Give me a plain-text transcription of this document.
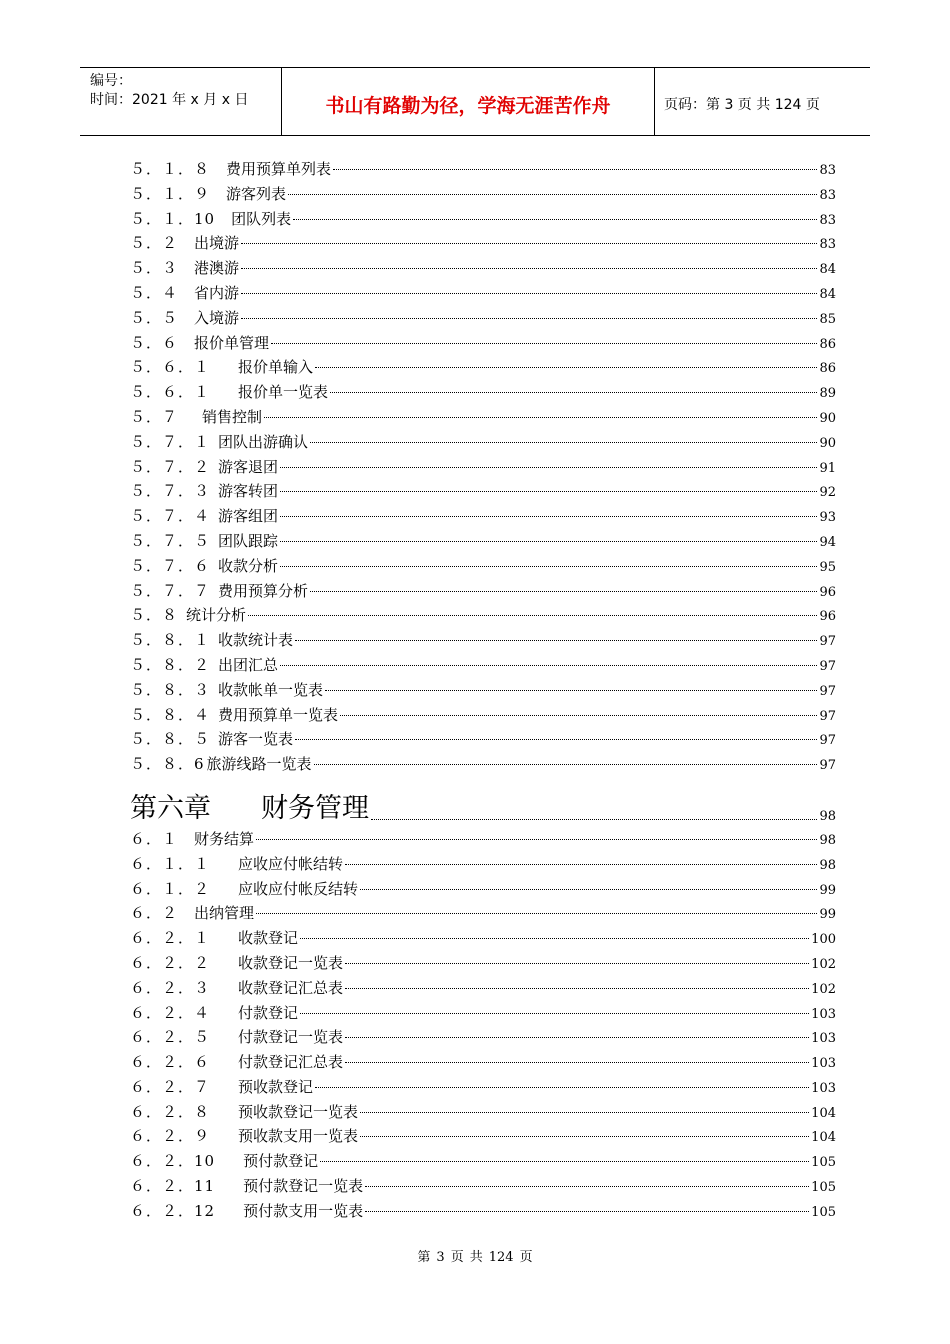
编号：
时间：2021 年 x 月 x 日	书山有路勤为径，学海无涯苦作舟	页码：第 3 页 共 124 页
５．１．８ 费用预算单列表	83
５．１．９ 游客列表	83
５．１．10 团队列表	83
５．２ 出境游	83
５．３ 港澳游	84
５．４ 省内游	84
５．５ 入境游	85
５．６ 报价单管理	86
５．６．１ 报价单输入	86
５．６．１ 报价单一览表	89
５．７ 销售控制	90
５．７．１ 团队出游确认	90
５．７．２ 游客退团	91
５．７．３ 游客转团	92
５．７．４ 游客组团	93
５．７．５ 团队跟踪	94
５．７．６ 收款分析	95
５．７．７ 费用预算分析	96
５．８ 统计分析	96
５．８．１ 收款统计表	97
５．８．２ 出团汇总	97
５．８．３ 收款帐单一览表	97
５．８．４ 费用预算单一览表	97
５．８．５ 游客一览表	97
５．８．6 旅游线路一览表	97
第六章 财务管理	98
６．１ 财务结算	98
６．１．１ 应收应付帐结转	98
６．１．２ 应收应付帐反结转	99
６．２ 出纳管理	99
６．２．１ 收款登记	100
６．２．２ 收款登记一览表	102
６．２．３ 收款登记汇总表	102
６．２．４ 付款登记	103
６．２．５ 付款登记一览表	103
６．２．６ 付款登记汇总表	103
６．２．７ 预收款登记	103
６．２．８ 预收款登记一览表	104
６．２．９ 预收款支用一览表	104
６．２．10 预付款登记	105
６．２．11 预付款登记一览表	105
６．２．12 预付款支用一览表	105
第 3 页 共 124 页
